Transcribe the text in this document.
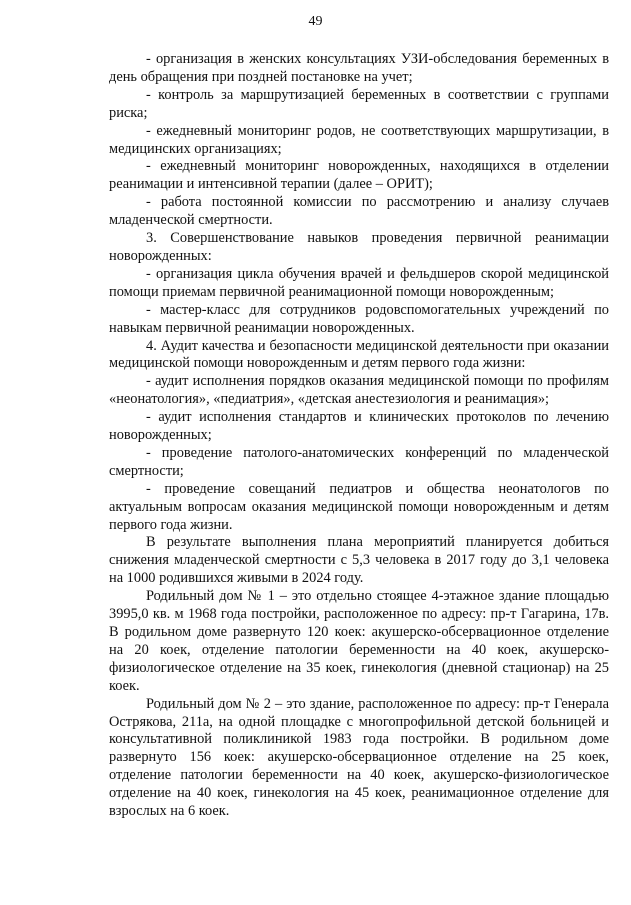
49

- организация в женских консультациях УЗИ-обследования беременных в день обращения при поздней постановке на учет;

- контроль за маршрутизацией беременных в соответствии с группами риска;

- ежедневный мониторинг родов, не соответствующих маршрутизации, в медицинских организациях;

- ежедневный мониторинг новорожденных, находящихся в отделении реанимации и интенсивной терапии (далее – ОРИТ);

- работа постоянной комиссии по рассмотрению и анализу случаев младенческой смертности.

3. Совершенствование навыков проведения первичной реанимации новорожденных:

- организация цикла обучения врачей и фельдшеров скорой медицинской помощи приемам первичной реанимационной помощи новорожденным;

- мастер-класс для сотрудников родовспомогательных учреждений по навыкам первичной реанимации новорожденных.

4. Аудит качества и безопасности медицинской деятельности при оказании медицинской помощи новорожденным и детям первого года жизни:

- аудит исполнения порядков оказания медицинской помощи по профилям «неонатология», «педиатрия», «детская анестезиология и реанимация»;

- аудит исполнения стандартов и клинических протоколов по лечению новорожденных;

- проведение патолого-анатомических конференций по младенческой смертности;

- проведение совещаний педиатров и общества неонатологов по актуальным вопросам оказания медицинской помощи новорожденным и детям первого года жизни.

В результате выполнения плана мероприятий планируется добиться снижения младенческой смертности с 5,3 человека в 2017 году до 3,1 человека на 1000 родившихся живыми в 2024 году.

Родильный дом № 1 – это отдельно стоящее 4-этажное здание площадью 3995,0 кв. м 1968 года постройки, расположенное по адресу: пр-т Гагарина, 17в. В родильном доме развернуто 120 коек: акушерско-обсервационное отделение на 20 коек, отделение патологии беременности на 40 коек, акушерско-физиологическое отделение на 35 коек, гинекология (дневной стационар) на 25 коек.

Родильный дом № 2 – это здание, расположенное по адресу: пр-т Генерала Острякова, 211а, на одной площадке с многопрофильной детской больницей и консультативной поликлиникой 1983 года постройки. В родильном доме развернуто 156 коек: акушерско-обсервационное отделение на 25 коек, отделение патологии беременности на 40 коек, акушерско-физиологическое отделение на 40 коек, гинекология на 45 коек, реанимационное отделение для взрослых на 6 коек.
